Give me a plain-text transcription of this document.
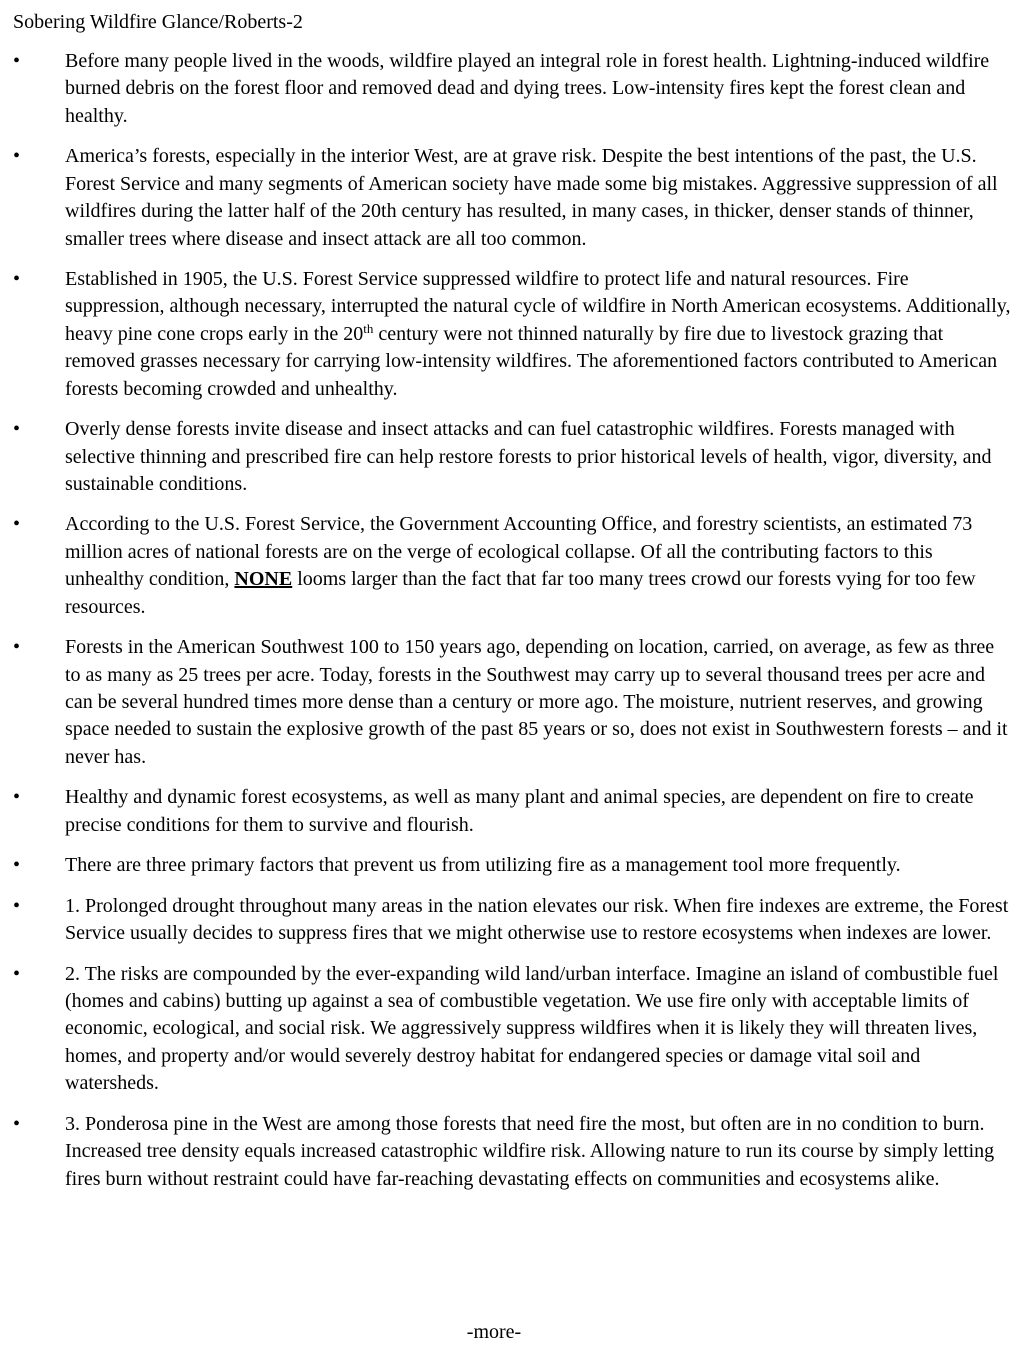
Sobering Wildfire Glance/Roberts-2
• Before many people lived in the woods, wildfire played an integral role in forest health. Lightning-induced wildfire burned debris on the forest floor and removed dead and dying trees. Low-intensity fires kept the forest clean and healthy.
• America’s forests, especially in the interior West, are at grave risk. Despite the best intentions of the past, the U.S. Forest Service and many segments of American society have made some big mistakes. Aggressive suppression of all wildfires during the latter half of the 20th century has resulted, in many cases, in thicker, denser stands of thinner, smaller trees where disease and insect attack are all too common.
• Established in 1905, the U.S. Forest Service suppressed wildfire to protect life and natural resources. Fire suppression, although necessary, interrupted the natural cycle of wildfire in North American ecosystems. Additionally, heavy pine cone crops early in the 20th century were not thinned naturally by fire due to livestock grazing that removed grasses necessary for carrying low-intensity wildfires. The aforementioned factors contributed to American forests becoming crowded and unhealthy.
• Overly dense forests invite disease and insect attacks and can fuel catastrophic wildfires. Forests managed with selective thinning and prescribed fire can help restore forests to prior historical levels of health, vigor, diversity, and sustainable conditions.
• According to the U.S. Forest Service, the Government Accounting Office, and forestry scientists, an estimated 73 million acres of national forests are on the verge of ecological collapse. Of all the contributing factors to this unhealthy condition, NONE looms larger than the fact that far too many trees crowd our forests vying for too few resources.
• Forests in the American Southwest 100 to 150 years ago, depending on location, carried, on average, as few as three to as many as 25 trees per acre. Today, forests in the Southwest may carry up to several thousand trees per acre and can be several hundred times more dense than a century or more ago. The moisture, nutrient reserves, and growing space needed to sustain the explosive growth of the past 85 years or so, does not exist in Southwestern forests – and it never has.
• Healthy and dynamic forest ecosystems, as well as many plant and animal species, are dependent on fire to create precise conditions for them to survive and flourish.
• There are three primary factors that prevent us from utilizing fire as a management tool more frequently.
• 1. Prolonged drought throughout many areas in the nation elevates our risk. When fire indexes are extreme, the Forest Service usually decides to suppress fires that we might otherwise use to restore ecosystems when indexes are lower.
• 2. The risks are compounded by the ever-expanding wild land/urban interface. Imagine an island of combustible fuel (homes and cabins) butting up against a sea of combustible vegetation. We use fire only with acceptable limits of economic, ecological, and social risk. We aggressively suppress wildfires when it is likely they will threaten lives, homes, and property and/or would severely destroy habitat for endangered species or damage vital soil and watersheds.
• 3. Ponderosa pine in the West are among those forests that need fire the most, but often are in no condition to burn. Increased tree density equals increased catastrophic wildfire risk. Allowing nature to run its course by simply letting fires burn without restraint could have far-reaching devastating effects on communities and ecosystems alike.
-more-
